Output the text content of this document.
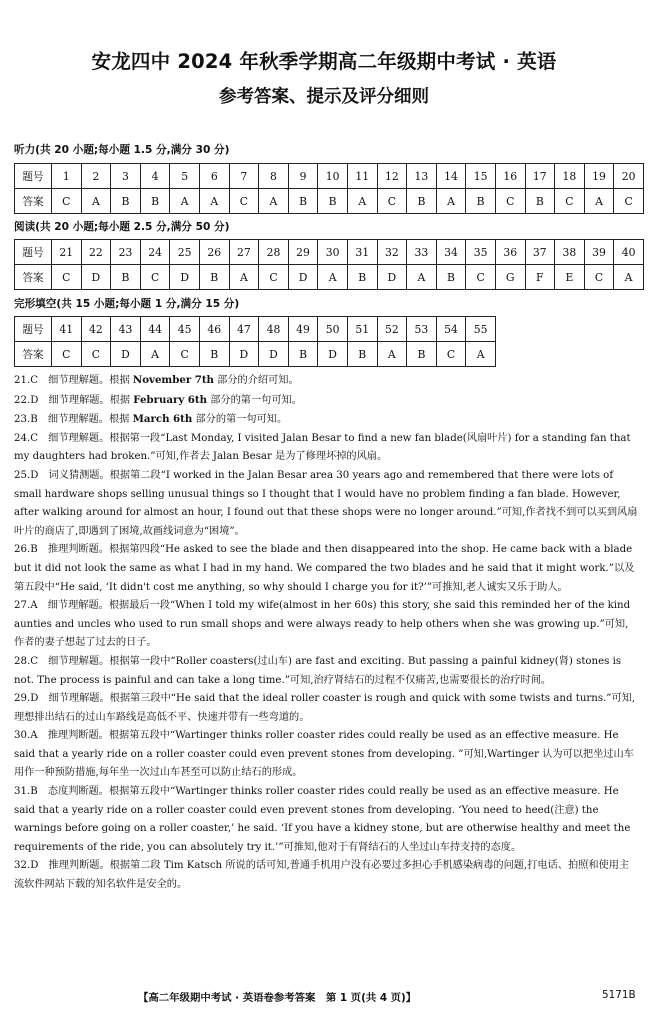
安龙四中 2024 年秋季学期高二年级期中考试 · 英语
参考答案、提示及评分细则
听力(共 20 小题;每小题 1.5 分,满分 30 分)
题号	1	2	3	4	5	6	7	8	9	10	11	12	13	14	15	16	17	18	19	20
答案	C	A	B	B	A	A	C	A	B	B	A	C	B	A	B	C	B	C	A	C
阅读(共 20 小题;每小题 2.5 分,满分 50 分)
题号	21	22	23	24	25	26	27	28	29	30	31	32	33	34	35	36	37	38	39	40
答案	C	D	B	C	D	B	A	C	D	A	B	D	A	B	C	G	F	E	C	A
完形填空(共 15 小题;每小题 1 分,满分 15 分)
题号	41	42	43	44	45	46	47	48	49	50	51	52	53	54	55
答案	C	C	D	A	C	B	D	D	B	D	B	A	B	C	A

21.C　细节理解题。根据 November 7th 部分的介绍可知。

22.D　细节理解题。根据 February 6th 部分的第一句可知。

23.B　细节理解题。根据 March 6th 部分的第一句可知。

24.C　细节理解题。根据第一段“Last Monday, I visited Jalan Besar to find a new fan blade(风扇叶片) for a standing fan that my daughters had broken.”可知,作者去 Jalan Besar 是为了修理坏掉的风扇。

25.D　词义猜测题。根据第二段“I worked in the Jalan Besar area 30 years ago and remembered that there were lots of small hardware shops selling unusual things so I thought that I would have no problem finding a fan blade. However, after walking around for almost an hour, I found out that these shops were no longer around.”可知,作者找不到可以买到风扇叶片的商店了,即遇到了困境,故画线词意为“困境”。

26.B　推理判断题。根据第四段“He asked to see the blade and then disappeared into the shop. He came back with a blade but it did not look the same as what I had in my hand. We compared the two blades and he said that it might work.”以及第五段中“He said, ‘It didn't cost me anything, so why should I charge you for it?’”可推知,老人诚实又乐于助人。

27.A　细节理解题。根据最后一段“When I told my wife(almost in her 60s) this story, she said this reminded her of the kind aunties and uncles who used to run small shops and were always ready to help others when she was growing up.”可知,作者的妻子想起了过去的日子。

28.C　细节理解题。根据第一段中“Roller coasters(过山车) are fast and exciting. But passing a painful kidney(肾) stones is not. The process is painful and can take a long time.”可知,治疗肾结石的过程不仅痛苦,也需要很长的治疗时间。

29.D　细节理解题。根据第三段中“He said that the ideal roller coaster is rough and quick with some twists and turns.”可知,理想排出结石的过山车路线是高低不平、快速并带有一些弯道的。

30.A　推理判断题。根据第五段中“Wartinger thinks roller coaster rides could really be used as an effective measure. He said that a yearly ride on a roller coaster could even prevent stones from developing. ”可知,Wartinger 认为可以把坐过山车用作一种预防措施,每年坐一次过山车甚至可以防止结石的形成。

31.B　态度判断题。根据第五段中“Wartinger thinks roller coaster rides could really be used as an effective measure. He said that a yearly ride on a roller coaster could even prevent stones from developing. ‘You need to heed(注意) the warnings before going on a roller coaster,’ he said. ‘If you have a kidney stone, but are otherwise healthy and meet the requirements of the ride, you can absolutely try it.’”可推知,他对于有肾结石的人坐过山车持支持的态度。

32.D　推理判断题。根据第二段 Tim Katsch 所说的话可知,普通手机用户没有必要过多担心手机感染病毒的问题,打电话、拍照和使用主流软件网站下载的知名软件是安全的。

【高二年级期中考试 · 英语卷参考答案　第 1 页(共 4 页)】	5171B
